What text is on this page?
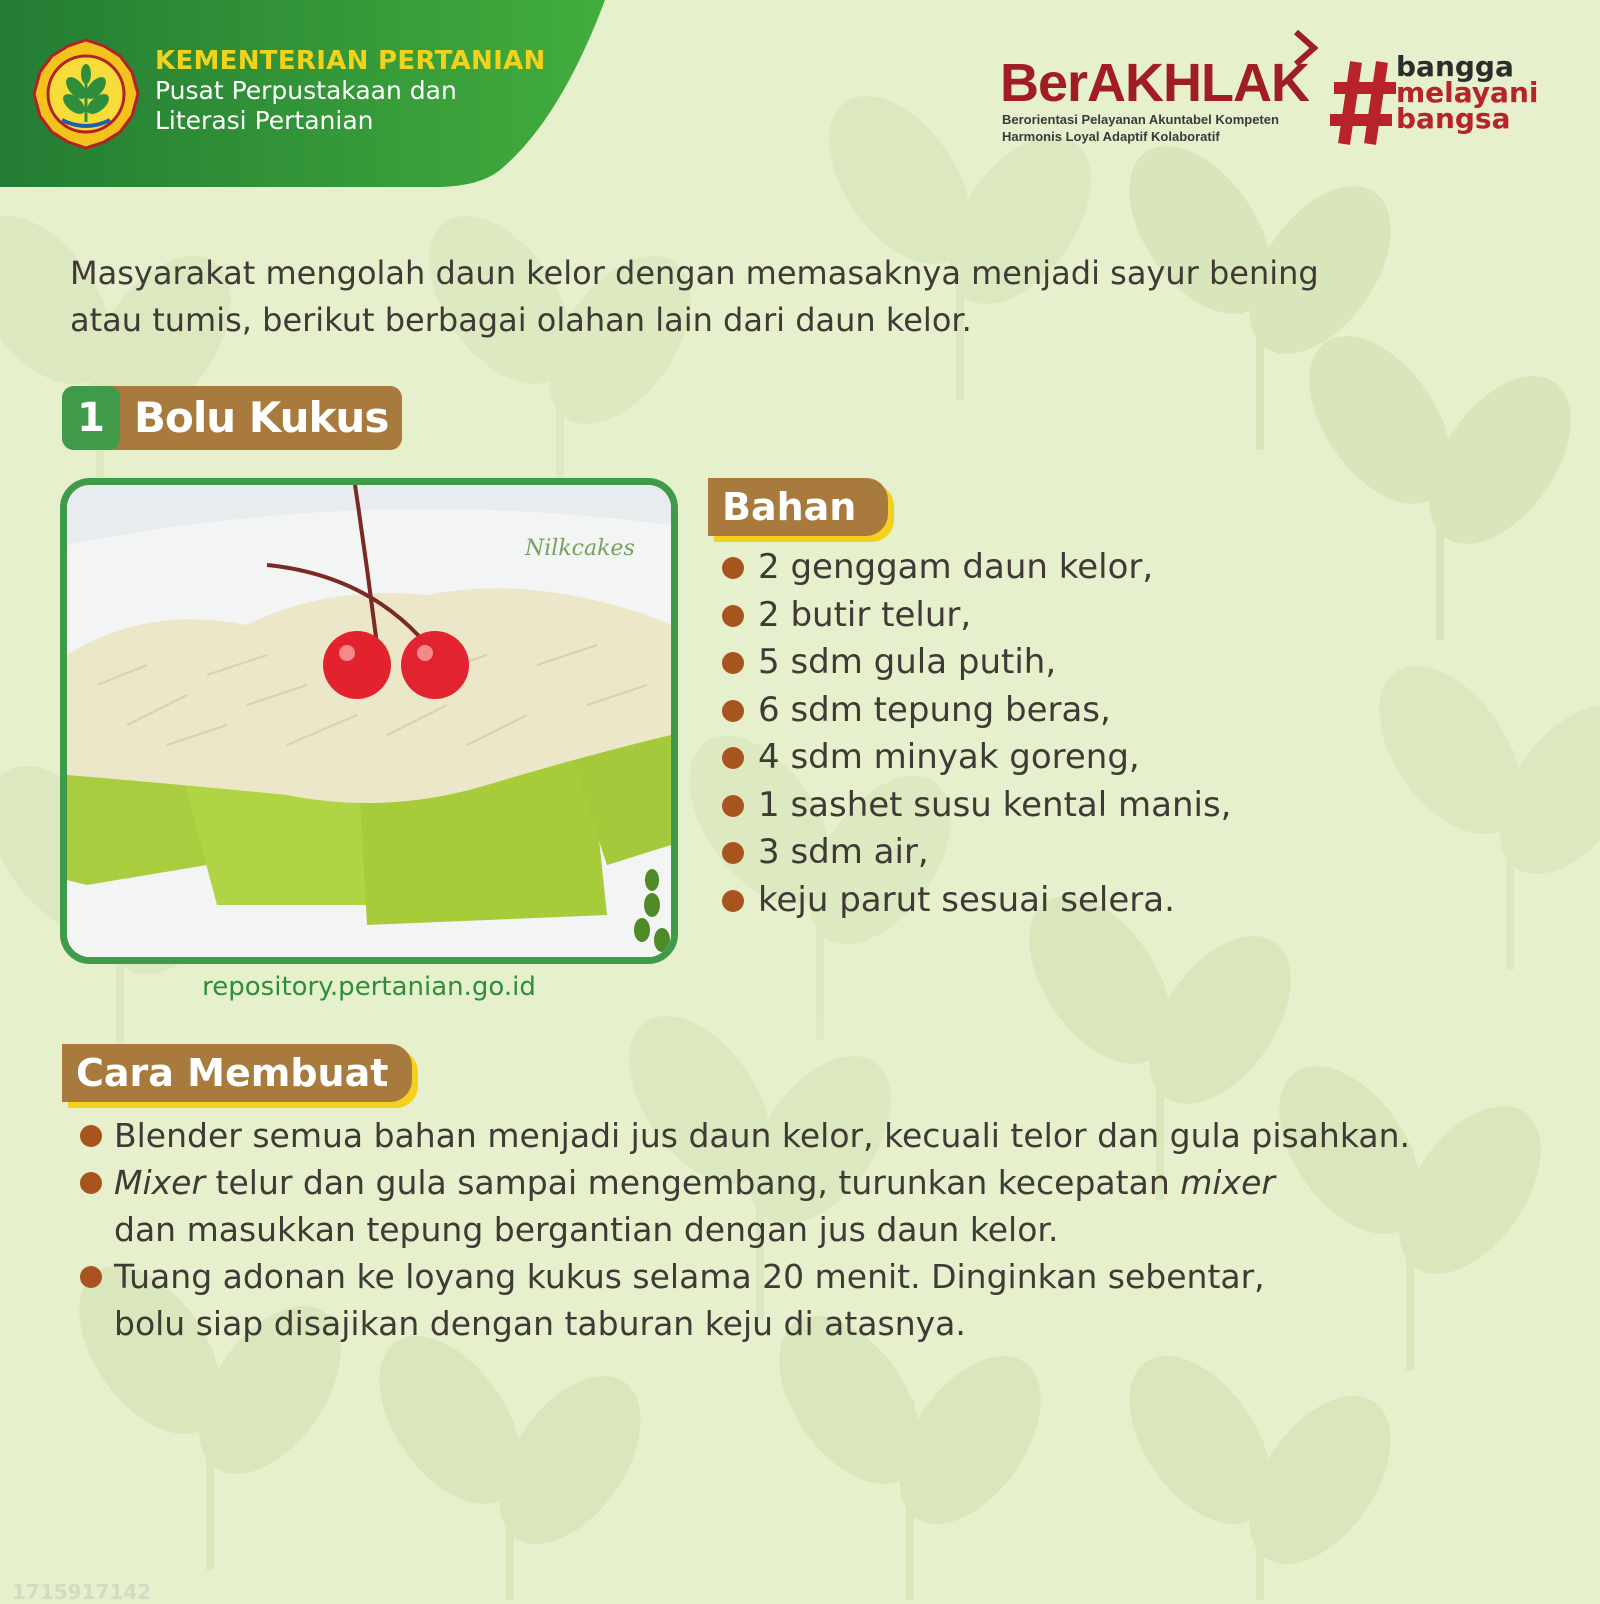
KEMENTERIAN PERTANIAN
Pusat Perpustakaan dan
Literasi Pertanian
BerAKHLAK
Berorientasi Pelayanan Akuntabel Kompeten
Harmonis Loyal Adaptif Kolaboratif
bangga
melayani
bangsa
Masyarakat mengolah daun kelor dengan memasaknya menjadi sayur bening
atau tumis, berikut berbagai olahan lain dari daun kelor.
1 Bolu Kukus
Nilkcakes
repository.pertanian.go.id
Bahan
2 genggam daun kelor,
2 butir telur,
5 sdm gula putih,
6 sdm tepung beras,
4 sdm minyak goreng,
1 sashet susu kental manis,
3 sdm air,
keju parut sesuai selera.
Cara Membuat
Blender semua bahan menjadi jus daun kelor, kecuali telor dan gula pisahkan.
Mixer telur dan gula sampai mengembang, turunkan kecepatan mixer
dan masukkan tepung bergantian dengan jus daun kelor.
Tuang adonan ke loyang kukus selama 20 menit. Dinginkan sebentar,
bolu siap disajikan dengan taburan keju di atasnya.
1715917142
